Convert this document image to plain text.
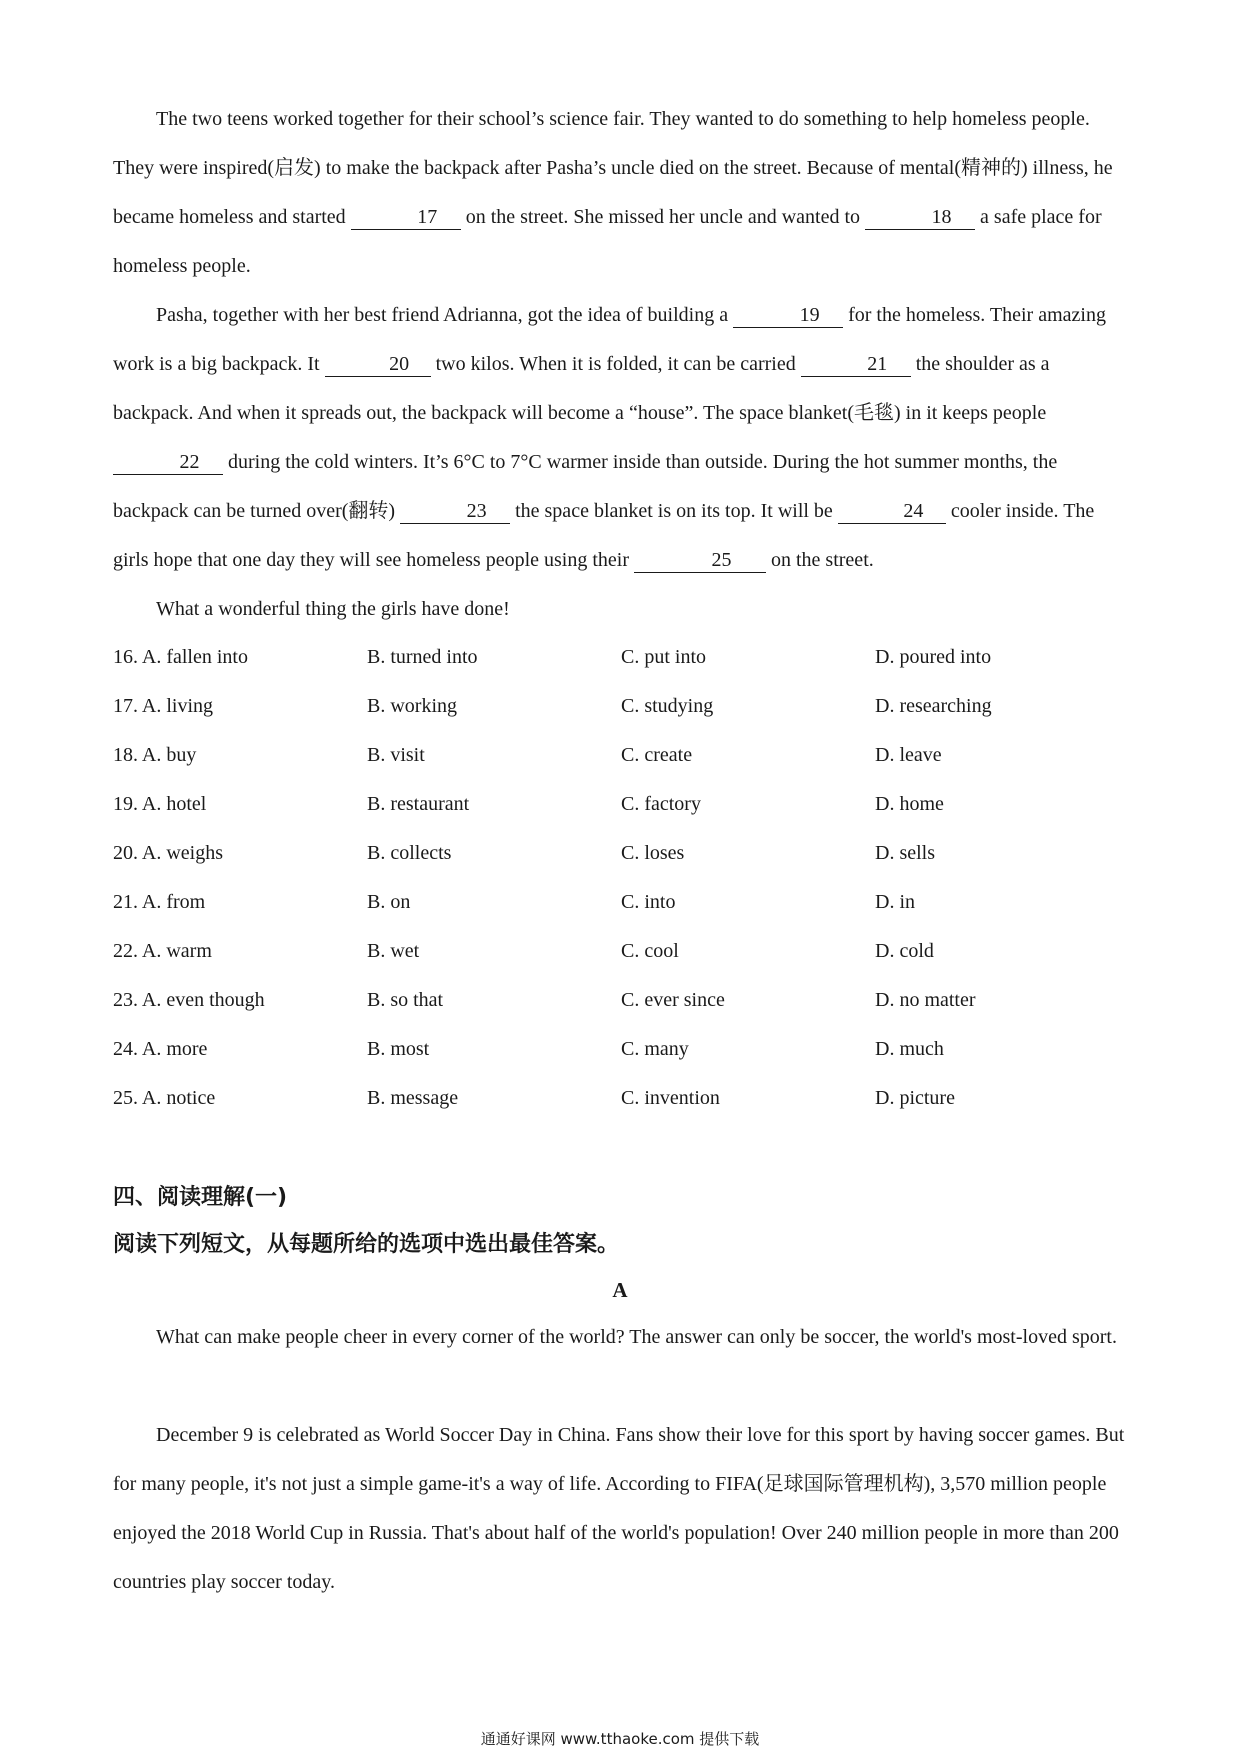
The two teens worked together for their school’s science fair. They wanted to do something to help homeless people. They were inspired(启发) to make the backpack after Pasha’s uncle died on the street. Because of mental(精神的) illness, he became homeless and started	17 on the street. She missed her uncle and wanted to	18 a safe place for homeless people.

Pasha, together with her best friend Adrianna, got the idea of building a	19 for the homeless. Their amazing work is a big backpack. It	20 two kilos. When it is folded, it can be carried	21 the shoulder as a backpack. And when it spreads out, the backpack will become a “house”. The space blanket(毛毯) in it keeps people 22 during the cold winters. It’s 6°C to 7°C warmer inside than outside. During the hot summer months, the backpack can be turned over(翻转)	23 the space blanket is on its top. It will be	24 cooler inside. The girls hope that one day they will see homeless people using their	25 on the street.

What a wonderful thing the girls have done!

16. A. fallen into	B. turned into	C. put into	D. poured into
17. A. living	B. working	C. studying	D. researching
18. A. buy	B. visit	C. create	D. leave
19. A. hotel	B. restaurant	C. factory	D. home
20. A. weighs	B. collects	C. loses	D. sells
21. A. from	B. on	C. into	D. in
22. A. warm	B. wet	C. cool	D. cold
23. A. even though	B. so that	C. ever since	D. no matter
24. A. more	B. most	C. many	D. much
25. A. notice	B. message	C. invention	D. picture

四、阅读理解(一)

阅读下列短文，从每题所给的选项中选出最佳答案。

A

What can make people cheer in every corner of the world? The answer can only be soccer, the world's most-loved sport.

December 9 is celebrated as World Soccer Day in China. Fans show their love for this sport by having soccer games. But for many people, it's not just a simple game-it's a way of life. According to FIFA(足球国际管理机构), 3,570 million people enjoyed the 2018 World Cup in Russia. That's about half of the world's population! Over 240 million people in more than 200 countries play soccer today.

通通好课网 www.tthaoke.com 提供下载
